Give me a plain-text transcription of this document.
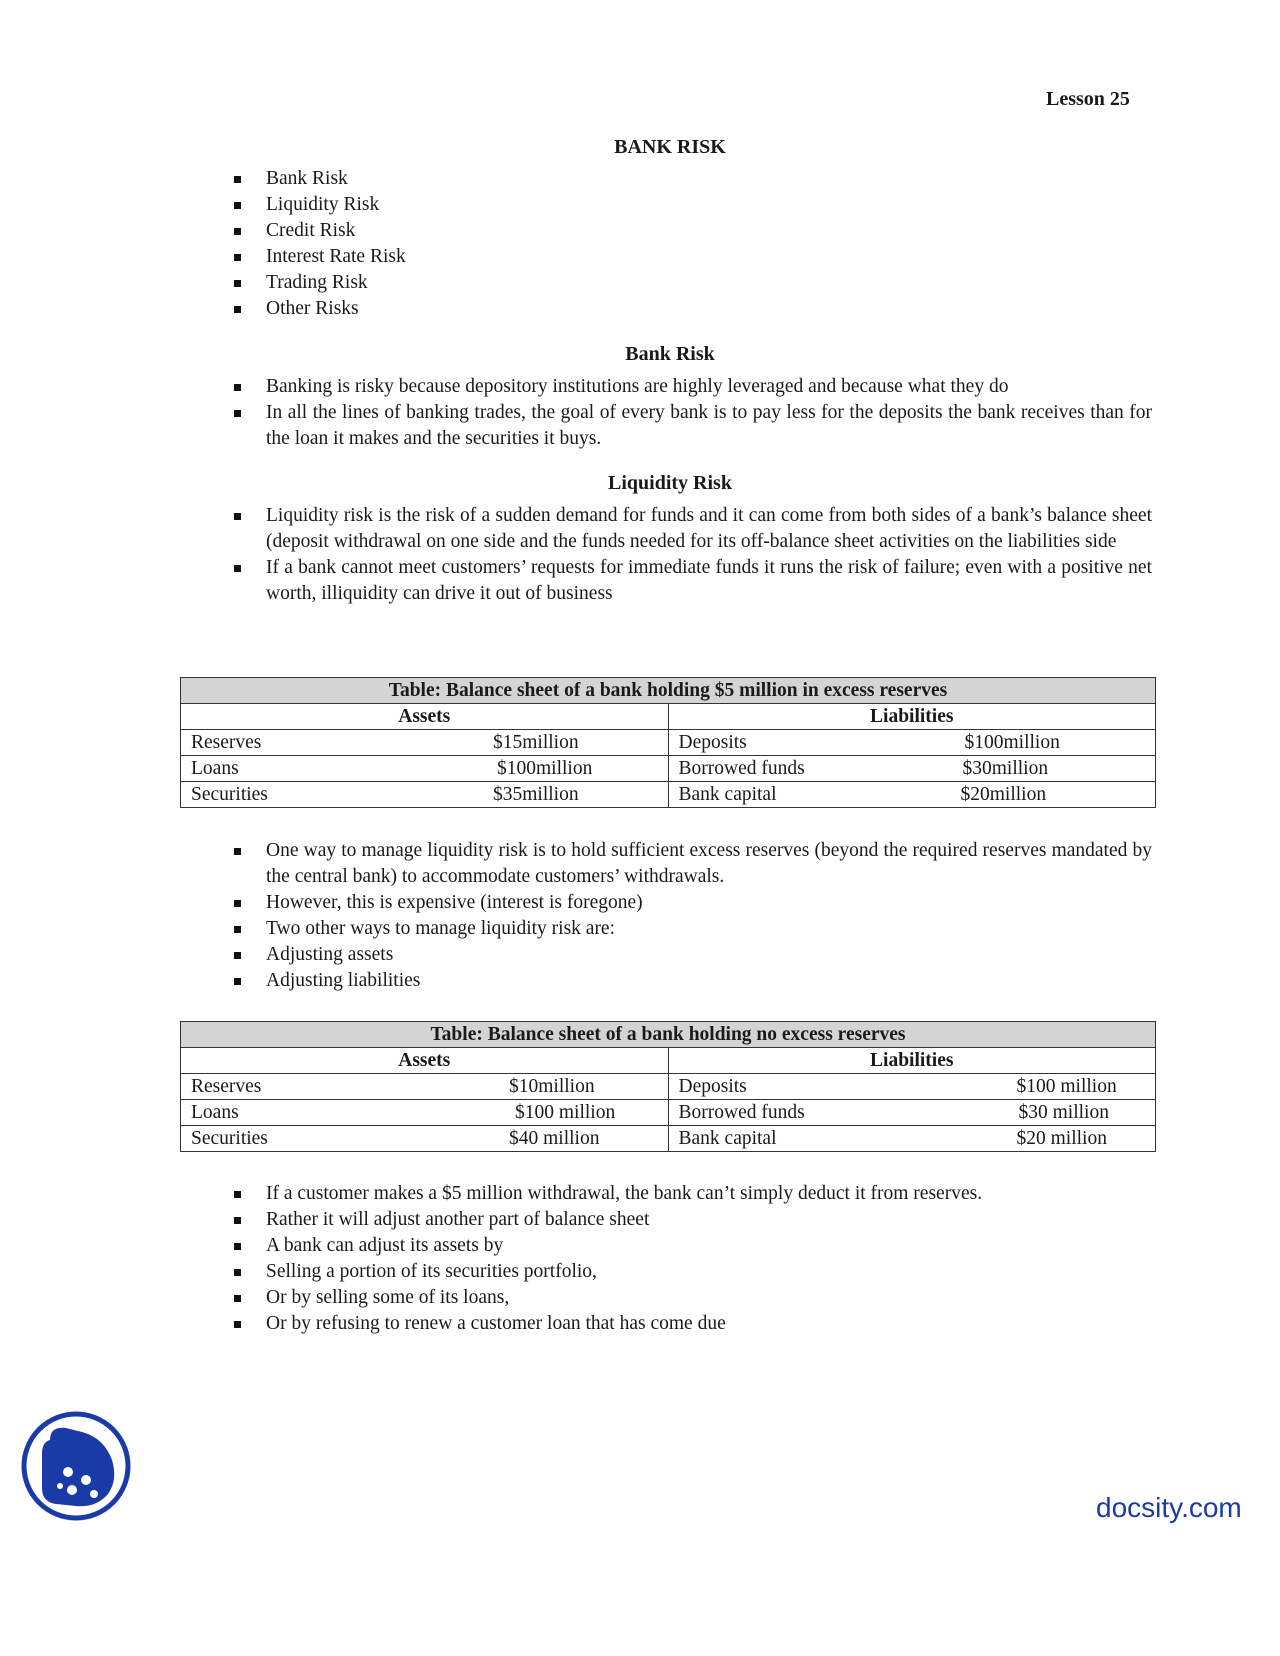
Lesson 25
BANK RISK
Bank Risk
Liquidity Risk
Credit Risk
Interest Rate Risk
Trading Risk
Other Risks
Bank Risk
Banking is risky because depository institutions are highly leveraged and because what they do
In all the lines of banking trades, the goal of every bank is to pay less for the deposits the bank receives than for the loan it makes and the securities it buys.
Liquidity Risk
Liquidity risk is the risk of a sudden demand for funds and it can come from both sides of a bank’s balance sheet (deposit withdrawal on one side and the funds needed for its off-balance sheet activities on the liabilities side
If a bank cannot meet customers’ requests for immediate funds it runs the risk of failure; even with a positive net worth, illiquidity can drive it out of business
Table: Balance sheet of a bank holding $5 million in excess reserves	
Assets	Liabilities

Reserves $15million	Deposits $100million

Loans $100million	Borrowed funds $30million

Securities $35million	Bank capital $20million
One way to manage liquidity risk is to hold sufficient excess reserves (beyond the required reserves mandated by the central bank) to accommodate customers’ withdrawals.
However, this is expensive (interest is foregone)
Two other ways to manage liquidity risk are:
Adjusting assets
Adjusting liabilities
Table: Balance sheet of a bank holding no excess reserves	
Assets	Liabilities

Reserves $10million	Deposits $100 million

Loans $100 million	Borrowed funds $30 million

Securities $40 million	Bank capital $20 million
If a customer makes a $5 million withdrawal, the bank can’t simply deduct it from reserves.
Rather it will adjust another part of balance sheet
A bank can adjust its assets by
Selling a portion of its securities portfolio,
Or by selling some of its loans,
Or by refusing to renew a customer loan that has come due
docsity.com
